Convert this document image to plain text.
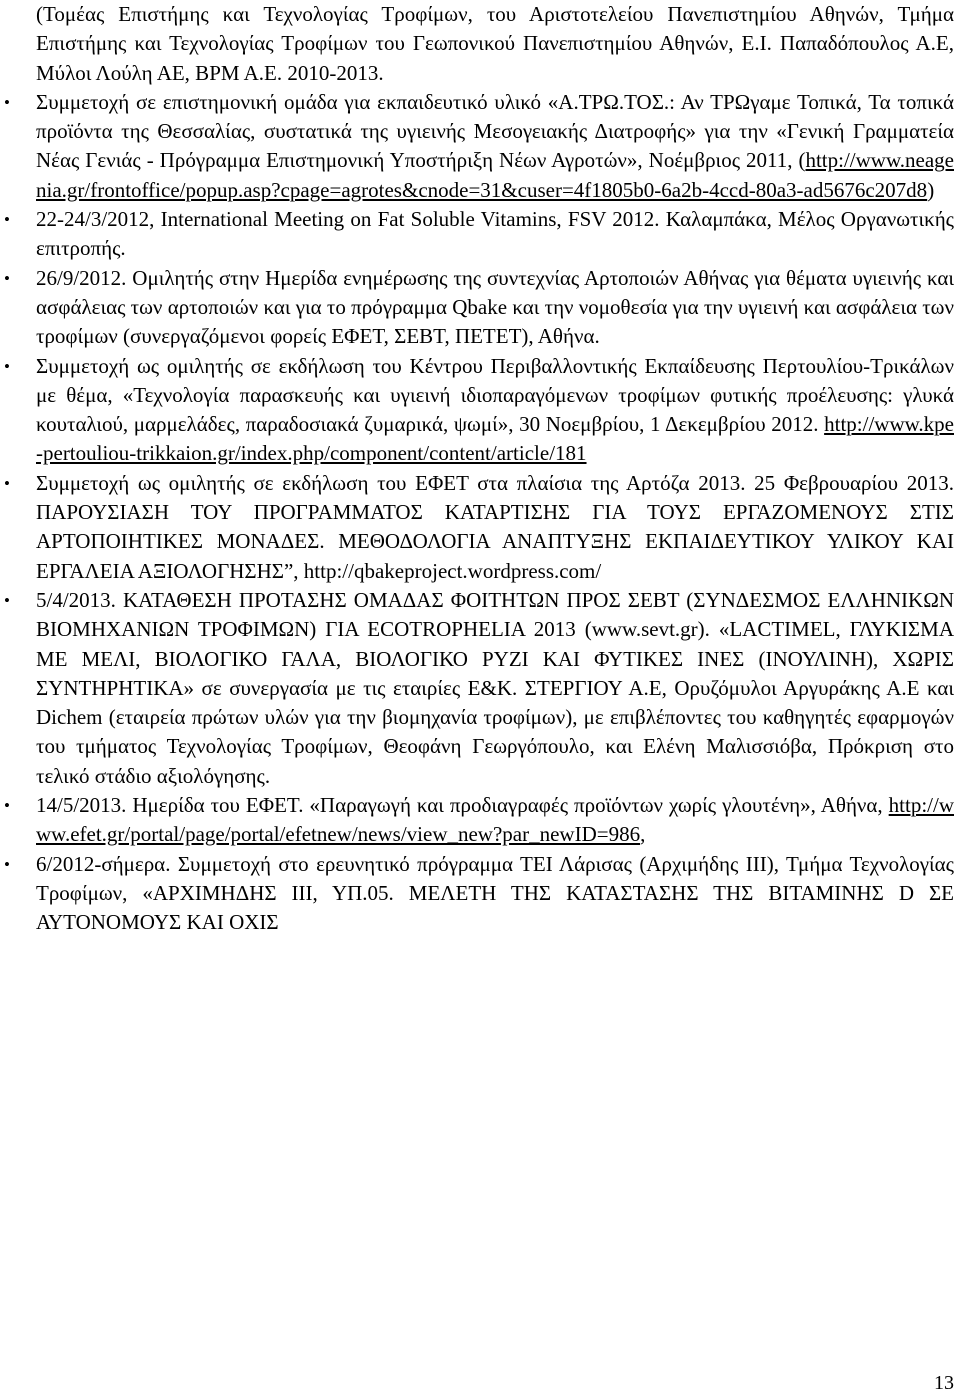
(Τομέας Επιστήμης και Τεχνολογίας Τροφίμων, του Αριστοτελείου Πανεπιστημίου Αθηνών, Τμήμα Επιστήμης και Τεχνολογίας Τροφίμων του Γεωπονικού Πανεπιστημίου Αθηνών, Ε.Ι. Παπαδόπουλος Α.Ε, Μύλοι Λούλη ΑΕ, ΒΡΜ Α.Ε. 2010-2013.

• Συμμετοχή σε επιστημονική ομάδα για εκπαιδευτικό υλικό «Α.ΤΡΩ.ΤΟΣ.: Αν ΤΡΩγαμε Τοπικά, Τα τοπικά προϊόντα της Θεσσαλίας, συστατικά της υγιεινής Μεσογειακής Διατροφής» για την «Γενική Γραμματεία Νέας Γενιάς - Πρόγραμμα Επιστημονική Υποστήριξη Νέων Αγροτών», Νοέμβριος 2011, (http://www.neagenia.gr/frontoffice/popup.asp?cpage=agrotes&cnode=31&cuser=4f1805b0-6a2b-4ccd-80a3-ad5676c207d8)
• 22-24/3/2012, International Meeting on Fat Soluble Vitamins, FSV 2012. Καλαμπάκα, Μέλος Οργανωτικής επιτροπής.
• 26/9/2012. Ομιλητής στην Ημερίδα ενημέρωσης της συντεχνίας Αρτοποιών Αθήνας για θέματα υγιεινής και ασφάλειας των αρτοποιών και για το πρόγραμμα Qbake και την νομοθεσία για την υγιεινή και ασφάλεια των τροφίμων (συνεργαζόμενοι φορείς ΕΦΕΤ, ΣΕΒΤ, ΠΕΤΕΤ), Αθήνα.
• Συμμετοχή ως ομιλητής σε εκδήλωση του Κέντρου Περιβαλλοντικής Εκπαίδευσης Περτουλίου-Τρικάλων με θέμα, «Τεχνολογία παρασκευής και υγιεινή ιδιοπαραγόμενων τροφίμων φυτικής προέλευσης: γλυκά κουταλιού, μαρμελάδες, παραδοσιακά ζυμαρικά, ψωμί», 30 Νοεμβρίου, 1 Δεκεμβρίου 2012. http://www.kpe-pertouliou-trikkaion.gr/index.php/component/content/article/181
• Συμμετοχή ως ομιλητής σε εκδήλωση του ΕΦΕΤ στα πλαίσια της Αρτόζα 2013. 25 Φεβρουαρίου 2013. ΠΑΡΟΥΣΙΑΣΗ ΤΟΥ ΠΡΟΓΡΑΜΜΑΤΟΣ ΚΑΤΑΡΤΙΣΗΣ ΓΙΑ ΤΟΥΣ ΕΡΓΑΖΟΜΕΝΟΥΣ ΣΤΙΣ ΑΡΤΟΠΟΙΗΤΙΚΕΣ ΜΟΝΑΔΕΣ. ΜΕΘΟΔΟΛΟΓΙΑ ΑΝΑΠΤΥΞΗΣ ΕΚΠΑΙΔΕΥΤΙΚΟΥ ΥΛΙΚΟΥ ΚΑΙ ΕΡΓΑΛΕΙΑ ΑΞΙΟΛΟΓΗΣΗΣ”, http://qbakeproject.wordpress.com/
• 5/4/2013. ΚΑΤΑΘΕΣΗ ΠΡΟΤΑΣΗΣ ΟΜΑΔΑΣ ΦΟΙΤΗΤΩΝ ΠΡΟΣ ΣΕΒΤ (ΣΥΝΔΕΣΜΟΣ ΕΛΛΗΝΙΚΩΝ ΒΙΟΜΗΧΑΝΙΩΝ ΤΡΟΦΙΜΩΝ) ΓΙΑ ECOTROPHELIA 2013 (www.sevt.gr). «LACTIMEL, ΓΛΥΚΙΣΜΑ ΜΕ ΜΕΛΙ, ΒΙΟΛΟΓΙΚΟ ΓΑΛΑ, ΒΙΟΛΟΓΙΚΟ ΡΥΖΙ ΚΑΙ ΦΥΤΙΚΕΣ ΙΝΕΣ (ΙΝΟΥΛΙΝΗ), ΧΩΡΙΣ ΣΥΝΤΗΡΗΤΙΚΑ» σε συνεργασία με τις εταιρίες Ε&Κ. ΣΤΕΡΓΙΟΥ Α.Ε, Ορυζόμυλοι Αργυράκης Α.Ε και Dichem (εταιρεία πρώτων υλών για την βιομηχανία τροφίμων), με επιβλέποντες του καθηγητές εφαρμογών του τμήματος Τεχνολογίας Τροφίμων, Θεοφάνη Γεωργόπουλο, και Ελένη Μαλισσιόβα, Πρόκριση στο τελικό στάδιο αξιολόγησης.
• 14/5/2013. Ημερίδα του ΕΦΕΤ. «Παραγωγή και προδιαγραφές προϊόντων χωρίς γλουτένη», Αθήνα, http://www.efet.gr/portal/page/portal/efetnew/news/view_new?par_newID=986,
• 6/2012-σήμερα. Συμμετοχή στο ερευνητικό πρόγραμμα ΤΕΙ Λάρισας (Αρχιμήδης ΙΙΙ), Τμήμα Τεχνολογίας Τροφίμων, «ΑΡΧΙΜΗΔΗΣ ΙΙΙ, ΥΠ.05. ΜΕΛΕΤΗ ΤΗΣ ΚΑΤΑΣΤΑΣΗΣ ΤΗΣ ΒΙΤΑΜΙΝΗΣ D ΣΕ ΑΥΤΟΝΟΜΟΥΣ ΚΑΙ ΟΧΙΣ
13
